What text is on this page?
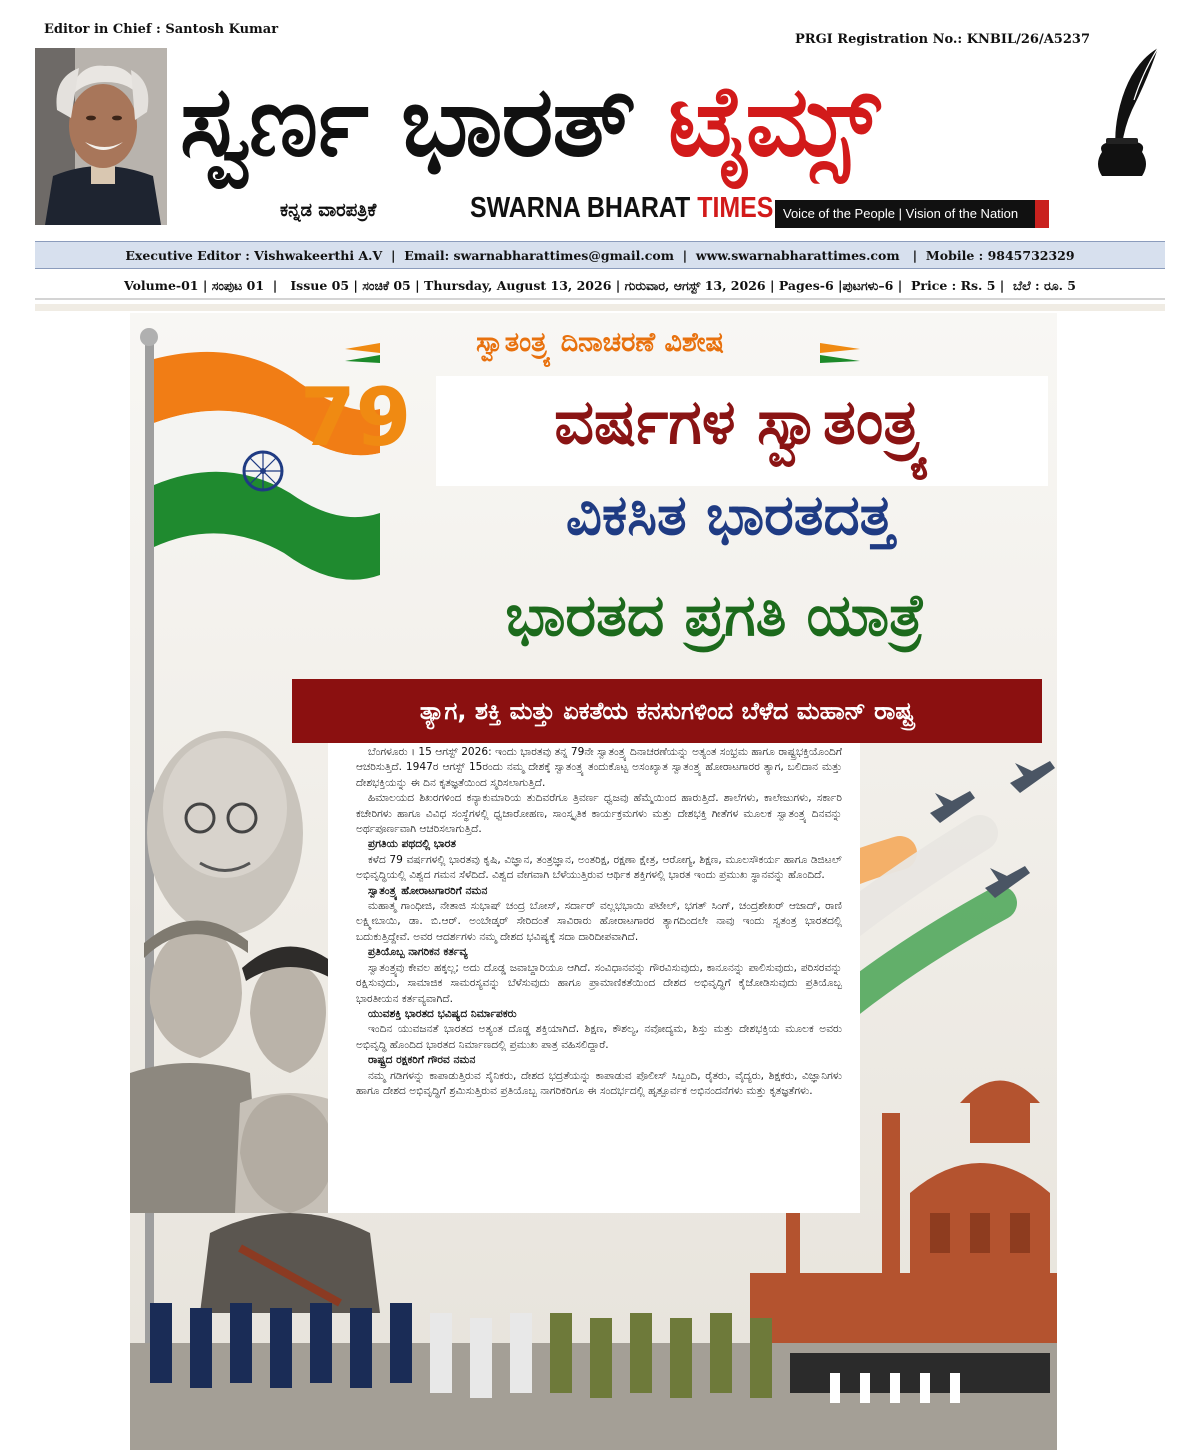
Editor in Chief : Santosh Kumar
PRGI Registration No.: KNBIL/26/A5237
ಸ್ವರ್ಣ ಭಾರತ್ ಟೈಮ್ಸ್
ಕನ್ನಡ ವಾರಪತ್ರಿಕೆ	SWARNA BHARAT TIMES Voice of the People | Vision of the Nation
Executive Editor : Vishwakeerthi A.V  |  Email: swarnabharattimes@gmail.com  |  www.swarnabharattimes.com   |  Mobile : 9845732329
Volume-01 | ಸಂಪುಟ 01  |   Issue 05 | ಸಂಚಿಕೆ 05 | Thursday, August 13, 2026 | ಗುರುವಾರ, ಆಗಸ್ಟ್ 13, 2026 | Pages-6 |ಪುಟಗಳು–6 |  Price : Rs. 5 |  ಬೆಲೆ : ರೂ. 5
ಸ್ವಾತಂತ್ರ್ಯ ದಿನಾಚರಣೆ ವಿಶೇಷ
79	ವರ್ಷಗಳ ಸ್ವಾತಂತ್ರ್ಯ
ವಿಕಸಿತ ಭಾರತದತ್ತ
ಭಾರತದ ಪ್ರಗತಿ ಯಾತ್ರೆ
ತ್ಯಾಗ, ಶಕ್ತಿ ಮತ್ತು ಏಕತೆಯ ಕನಸುಗಳಿಂದ ಬೆಳೆದ ಮಹಾನ್ ರಾಷ್ಟ್ರ

ಬೆಂಗಳೂರು । 15 ಆಗಸ್ಟ್ 2026: ಇಂದು ಭಾರತವು ತನ್ನ 79ನೇ ಸ್ವಾತಂತ್ರ್ಯ ದಿನಾಚರಣೆಯನ್ನು ಅತ್ಯಂತ ಸಂಭ್ರಮ ಹಾಗೂ ರಾಷ್ಟ್ರಭಕ್ತಿಯೊಂದಿಗೆ ಆಚರಿಸುತ್ತಿದೆ. 1947ರ ಆಗಸ್ಟ್ 15ರಂದು ನಮ್ಮ ದೇಶಕ್ಕೆ ಸ್ವಾತಂತ್ರ್ಯ ತಂದುಕೊಟ್ಟ ಅಸಂಖ್ಯಾತ ಸ್ವಾತಂತ್ರ್ಯ ಹೋರಾಟಗಾರರ ತ್ಯಾಗ, ಬಲಿದಾನ ಮತ್ತು ದೇಶಭಕ್ತಿಯನ್ನು ಈ ದಿನ ಕೃತಜ್ಞತೆಯಿಂದ ಸ್ಮರಿಸಲಾಗುತ್ತಿದೆ.

ಹಿಮಾಲಯದ ಶಿಖರಗಳಿಂದ ಕನ್ಯಾಕುಮಾರಿಯ ತುದಿವರೆಗೂ ತ್ರಿವರ್ಣ ಧ್ವಜವು ಹೆಮ್ಮೆಯಿಂದ ಹಾರುತ್ತಿದೆ. ಶಾಲೆಗಳು, ಕಾಲೇಜುಗಳು, ಸರ್ಕಾರಿ ಕಚೇರಿಗಳು ಹಾಗೂ ವಿವಿಧ ಸಂಸ್ಥೆಗಳಲ್ಲಿ ಧ್ವಜಾರೋಹಣ, ಸಾಂಸ್ಕೃತಿಕ ಕಾರ್ಯಕ್ರಮಗಳು ಮತ್ತು ದೇಶಭಕ್ತಿ ಗೀತೆಗಳ ಮೂಲಕ ಸ್ವಾತಂತ್ರ್ಯ ದಿನವನ್ನು ಅರ್ಥಪೂರ್ಣವಾಗಿ ಆಚರಿಸಲಾಗುತ್ತಿದೆ.

ಪ್ರಗತಿಯ ಪಥದಲ್ಲಿ ಭಾರತ

ಕಳೆದ 79 ವರ್ಷಗಳಲ್ಲಿ ಭಾರತವು ಕೃಷಿ, ವಿಜ್ಞಾನ, ತಂತ್ರಜ್ಞಾನ, ಅಂತರಿಕ್ಷ, ರಕ್ಷಣಾ ಕ್ಷೇತ್ರ, ಆರೋಗ್ಯ, ಶಿಕ್ಷಣ, ಮೂಲಸೌಕರ್ಯ ಹಾಗೂ ಡಿಜಿಟಲ್ ಅಭಿವೃದ್ಧಿಯಲ್ಲಿ ವಿಶ್ವದ ಗಮನ ಸೆಳೆದಿದೆ. ವಿಶ್ವದ ವೇಗವಾಗಿ ಬೆಳೆಯುತ್ತಿರುವ ಆರ್ಥಿಕ ಶಕ್ತಿಗಳಲ್ಲಿ ಭಾರತ ಇಂದು ಪ್ರಮುಖ ಸ್ಥಾನವನ್ನು ಹೊಂದಿದೆ.

ಸ್ವಾತಂತ್ರ್ಯ ಹೋರಾಟಗಾರರಿಗೆ ನಮನ

ಮಹಾತ್ಮ ಗಾಂಧೀಜಿ, ನೇತಾಜಿ ಸುಭಾಷ್ ಚಂದ್ರ ಬೋಸ್, ಸರ್ದಾರ್ ವಲ್ಲಭಭಾಯಿ ಪಟೇಲ್, ಭಗತ್ ಸಿಂಗ್, ಚಂದ್ರಶೇಖರ್ ಆಜಾದ್, ರಾಣಿ ಲಕ್ಷ್ಮೀಬಾಯಿ, ಡಾ. ಬಿ.ಆರ್. ಅಂಬೇಡ್ಕರ್ ಸೇರಿದಂತೆ ಸಾವಿರಾರು ಹೋರಾಟಗಾರರ ತ್ಯಾಗದಿಂದಲೇ ನಾವು ಇಂದು ಸ್ವತಂತ್ರ ಭಾರತದಲ್ಲಿ ಬದುಕುತ್ತಿದ್ದೇವೆ. ಅವರ ಆದರ್ಶಗಳು ನಮ್ಮ ದೇಶದ ಭವಿಷ್ಯಕ್ಕೆ ಸದಾ ದಾರಿದೀಪವಾಗಿದೆ.

ಪ್ರತಿಯೊಬ್ಬ ನಾಗರಿಕನ ಕರ್ತವ್ಯ

ಸ್ವಾತಂತ್ರ್ಯವು ಕೇವಲ ಹಕ್ಕಲ್ಲ; ಅದು ದೊಡ್ಡ ಜವಾಬ್ದಾರಿಯೂ ಆಗಿದೆ. ಸಂವಿಧಾನವನ್ನು ಗೌರವಿಸುವುದು, ಕಾನೂನನ್ನು ಪಾಲಿಸುವುದು, ಪರಿಸರವನ್ನು ರಕ್ಷಿಸುವುದು, ಸಾಮಾಜಿಕ ಸಾಮರಸ್ಯವನ್ನು ಬೆಳೆಸುವುದು ಹಾಗೂ ಪ್ರಾಮಾಣಿಕತೆಯಿಂದ ದೇಶದ ಅಭಿವೃದ್ಧಿಗೆ ಕೈಜೋಡಿಸುವುದು ಪ್ರತಿಯೊಬ್ಬ ಭಾರತೀಯನ ಕರ್ತವ್ಯವಾಗಿದೆ.

ಯುವಶಕ್ತಿ ಭಾರತದ ಭವಿಷ್ಯದ ನಿರ್ಮಾಪಕರು

ಇಂದಿನ ಯುವಜನತೆ ಭಾರತದ ಅತ್ಯಂತ ದೊಡ್ಡ ಶಕ್ತಿಯಾಗಿದೆ. ಶಿಕ್ಷಣ, ಕೌಶಲ್ಯ, ನವೋದ್ಯಮ, ಶಿಸ್ತು ಮತ್ತು ದೇಶಭಕ್ತಿಯ ಮೂಲಕ ಅವರು ಅಭಿವೃದ್ಧಿ ಹೊಂದಿದ ಭಾರತದ ನಿರ್ಮಾಣದಲ್ಲಿ ಪ್ರಮುಖ ಪಾತ್ರ ವಹಿಸಲಿದ್ದಾರೆ.

ರಾಷ್ಟ್ರದ ರಕ್ಷಕರಿಗೆ ಗೌರವ ನಮನ

ನಮ್ಮ ಗಡಿಗಳನ್ನು ಕಾಪಾಡುತ್ತಿರುವ ಸೈನಿಕರು, ದೇಶದ ಭದ್ರತೆಯನ್ನು ಕಾಪಾಡುವ ಪೊಲೀಸ್ ಸಿಬ್ಬಂದಿ, ರೈತರು, ವೈದ್ಯರು, ಶಿಕ್ಷಕರು, ವಿಜ್ಞಾನಿಗಳು ಹಾಗೂ ದೇಶದ ಅಭಿವೃದ್ಧಿಗೆ ಶ್ರಮಿಸುತ್ತಿರುವ ಪ್ರತಿಯೊಬ್ಬ ನಾಗರಿಕರಿಗೂ ಈ ಸಂದರ್ಭದಲ್ಲಿ ಹೃತ್ಪೂರ್ವಕ ಅಭಿನಂದನೆಗಳು ಮತ್ತು ಕೃತಜ್ಞತೆಗಳು.
